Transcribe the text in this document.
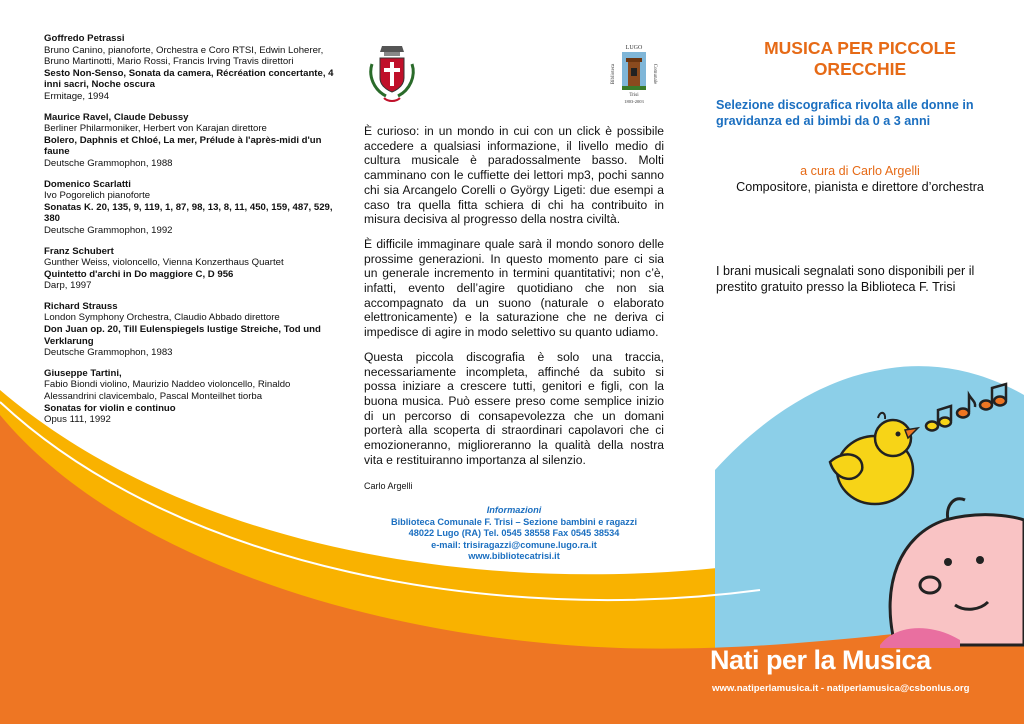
Goffredo Petrassi
Bruno Canino, pianoforte, Orchestra e Coro RTSI, Edwin Loherer, Bruno Martinotti, Mario Rossi, Francis Irving Travis direttori
Sesto Non-Senso, Sonata da camera, Récréation concertante, 4 inni sacri, Noche oscura
Ermitage, 1994
Maurice Ravel, Claude Debussy
Berliner Philarmoniker, Herbert von Karajan direttore
Bolero, Daphnis et Chloé, La mer, Prélude à l'après-midi d'un faune
Deutsche Grammophon, 1988
Domenico Scarlatti
Ivo Pogorelich pianoforte
Sonatas K. 20, 135, 9, 119, 1, 87, 98, 13, 8, 11, 450, 159, 487, 529, 380
Deutsche Grammophon, 1992
Franz Schubert
Gunther Weiss, violoncello, Vienna Konzerthaus Quartet
Quintetto d'archi in Do maggiore C, D 956
Darp, 1997
Richard Strauss
London Symphony Orchestra, Claudio Abbado direttore
Don Juan op. 20, Till Eulenspiegels lustige Streiche, Tod und Verklarung
Deutsche Grammophon, 1983
Giuseppe Tartini,
Fabio Biondi violino, Maurizio Naddeo violoncello, Rinaldo Alessandrini clavicembalo, Pascal Monteilhet tiorba
Sonatas for violin e continuo
Opus 111, 1992
LUGO
Biblioteca	Comunale
Trisi
1803-2003

È curioso: in un mondo in cui con un click è possibile accedere a qualsiasi informazione, il livello medio di cultura musicale è paradossalmente basso. Molti camminano con le cuffiette dei lettori mp3, pochi sanno chi sia Arcangelo Corelli o György Ligeti: due esempi a caso tra quella fitta schiera di chi ha contribuito in misura decisiva al progresso della nostra civiltà.

È difficile immaginare quale sarà il mondo sonoro delle prossime generazioni. In questo momento pare ci sia un generale incremento in termini quantitativi; non c’è, infatti, evento dell’agire quotidiano che non sia accompagnato da un suono (naturale o elaborato elettronicamente) e la saturazione che ne deriva ci impedisce di agire in modo selettivo su quanto udiamo.

Questa piccola discografia è solo una traccia, necessariamente incompleta, affinché da subito si possa iniziare a crescere tutti, genitori e figli, con la buona musica. Può essere preso come semplice inizio di un percorso di consapevolezza che un domani porterà alla scoperta di straordinari capolavori che ci emozioneranno, miglioreranno la qualità della nostra vita e restituiranno importanza al silenzio.

Carlo Argelli
Informazioni
Biblioteca Comunale F. Trisi – Sezione bambini e ragazzi
48022 Lugo (RA) Tel. 0545 38558 Fax 0545 38534
e-mail: trisiragazzi@comune.lugo.ra.it
www.bibliotecatrisi.it
MUSICA PER PICCOLE
ORECCHIE
Selezione discografica rivolta alle donne in gravidanza ed ai bimbi da 0 a 3 anni
a cura di Carlo Argelli
Compositore, pianista e direttore d’orchestra
I brani musicali segnalati sono disponibili per il prestito gratuito presso la Biblioteca F. Trisi
Nati per la Musica
www.natiperlamusica.it - natiperlamusica@csbonlus.org
